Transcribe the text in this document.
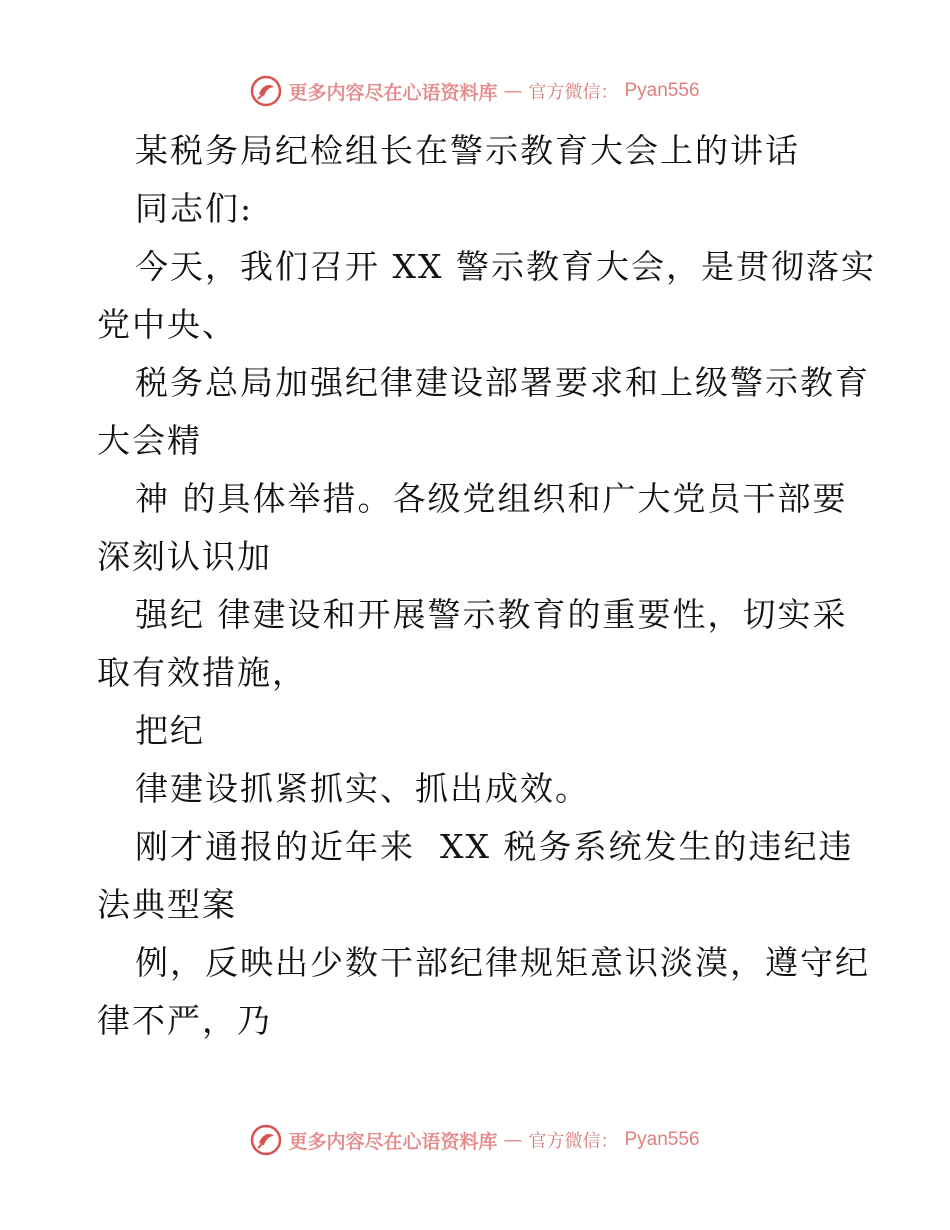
更多内容尽在心语资料库 — 官方微信： Pyan556
某税务局纪检组长在警示教育大会上的讲话
同志们:
今天，我们召开 XX 警示教育大会，是贯彻落实
党中央、
税务总局加强纪律建设部署要求和上级警示教育
大会精
神 的具体举措。各级党组织和广大党员干部要
深刻认识加
强纪 律建设和开展警示教育的重要性，切实采
取有效措施，
把纪
律建设抓紧抓实、抓出成效。
刚才通报的近年来  XX 税务系统发生的违纪违
法典型案
例，反映出少数干部纪律规矩意识淡漠，遵守纪
律不严，乃
更多内容尽在心语资料库 — 官方微信： Pyan556
